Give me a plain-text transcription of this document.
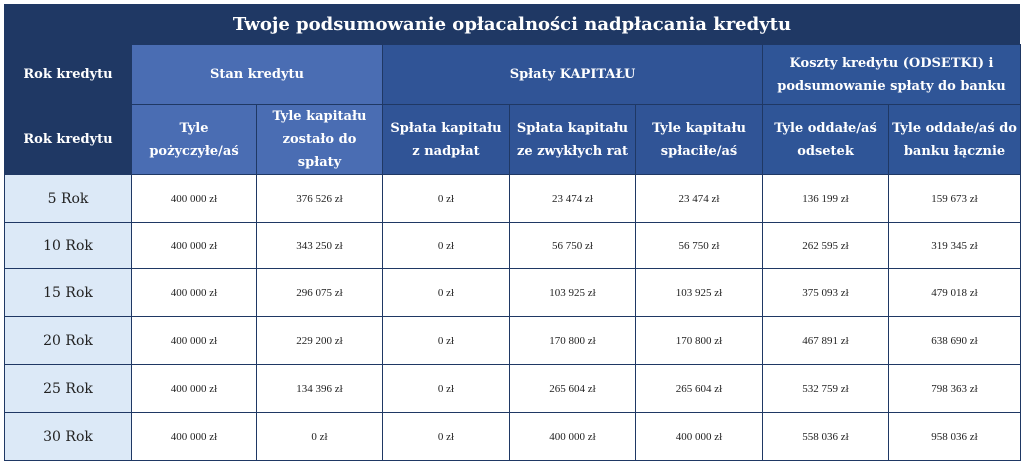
Twoje podsumowanie opłacalności nadpłacania kredytu
Rok kredytu	Stan kredytu		Spłaty KAPITAŁU			Koszty kredytu (ODSETKI) i podsumowanie spłaty do banku	
Rok kredytu	Tyle pożyczyłe/aś	Tyle kapitału zostało do spłaty	Spłata kapitału z nadpłat	Spłata kapitału ze zwykłych rat	Tyle kapitału spłaciłe/aś	Tyle oddałe/aś odsetek	Tyle oddałe/aś do banku łącznie
5 Rok	400 000 zł	376 526 zł	0 zł	23 474 zł	23 474 zł	136 199 zł	159 673 zł
10 Rok	400 000 zł	343 250 zł	0 zł	56 750 zł	56 750 zł	262 595 zł	319 345 zł
15 Rok	400 000 zł	296 075 zł	0 zł	103 925 zł	103 925 zł	375 093 zł	479 018 zł
20 Rok	400 000 zł	229 200 zł	0 zł	170 800 zł	170 800 zł	467 891 zł	638 690 zł
25 Rok	400 000 zł	134 396 zł	0 zł	265 604 zł	265 604 zł	532 759 zł	798 363 zł
30 Rok	400 000 zł	0 zł	0 zł	400 000 zł	400 000 zł	558 036 zł	958 036 zł
